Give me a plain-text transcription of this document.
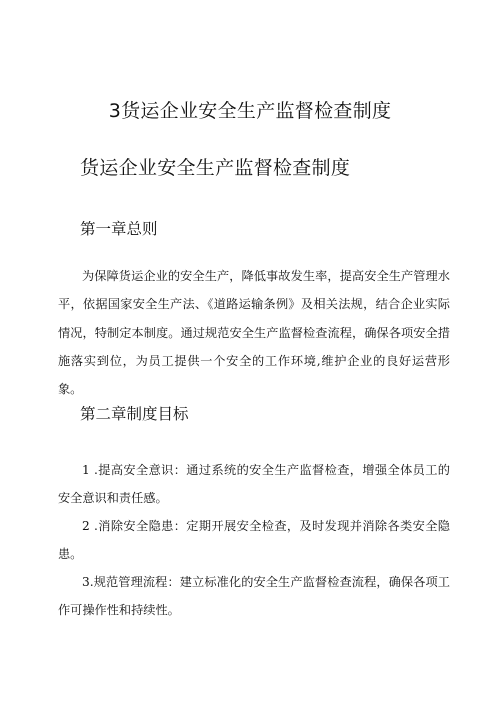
3货运企业安全生产监督检查制度
货运企业安全生产监督检查制度
第一章总则

为保障货运企业的安全生产，降低事故发生率，提高安全生产管理水平，依据国家安全生产法、《道路运输条例》及相关法规，结合企业实际情况，特制定本制度。通过规范安全生产监督检查流程，确保各项安全措施落实到位，为员工提供一个安全的工作环境,维护企业的良好运营形象。

第二章制度目标
1 .提高安全意识：通过系统的安全生产监督检查，增强全体员工的安全意识和责任感。
2 .消除安全隐患：定期开展安全检查，及时发现并消除各类安全隐患。
3.规范管理流程：建立标准化的安全生产监督检查流程，确保各项工作可操作性和持续性。
